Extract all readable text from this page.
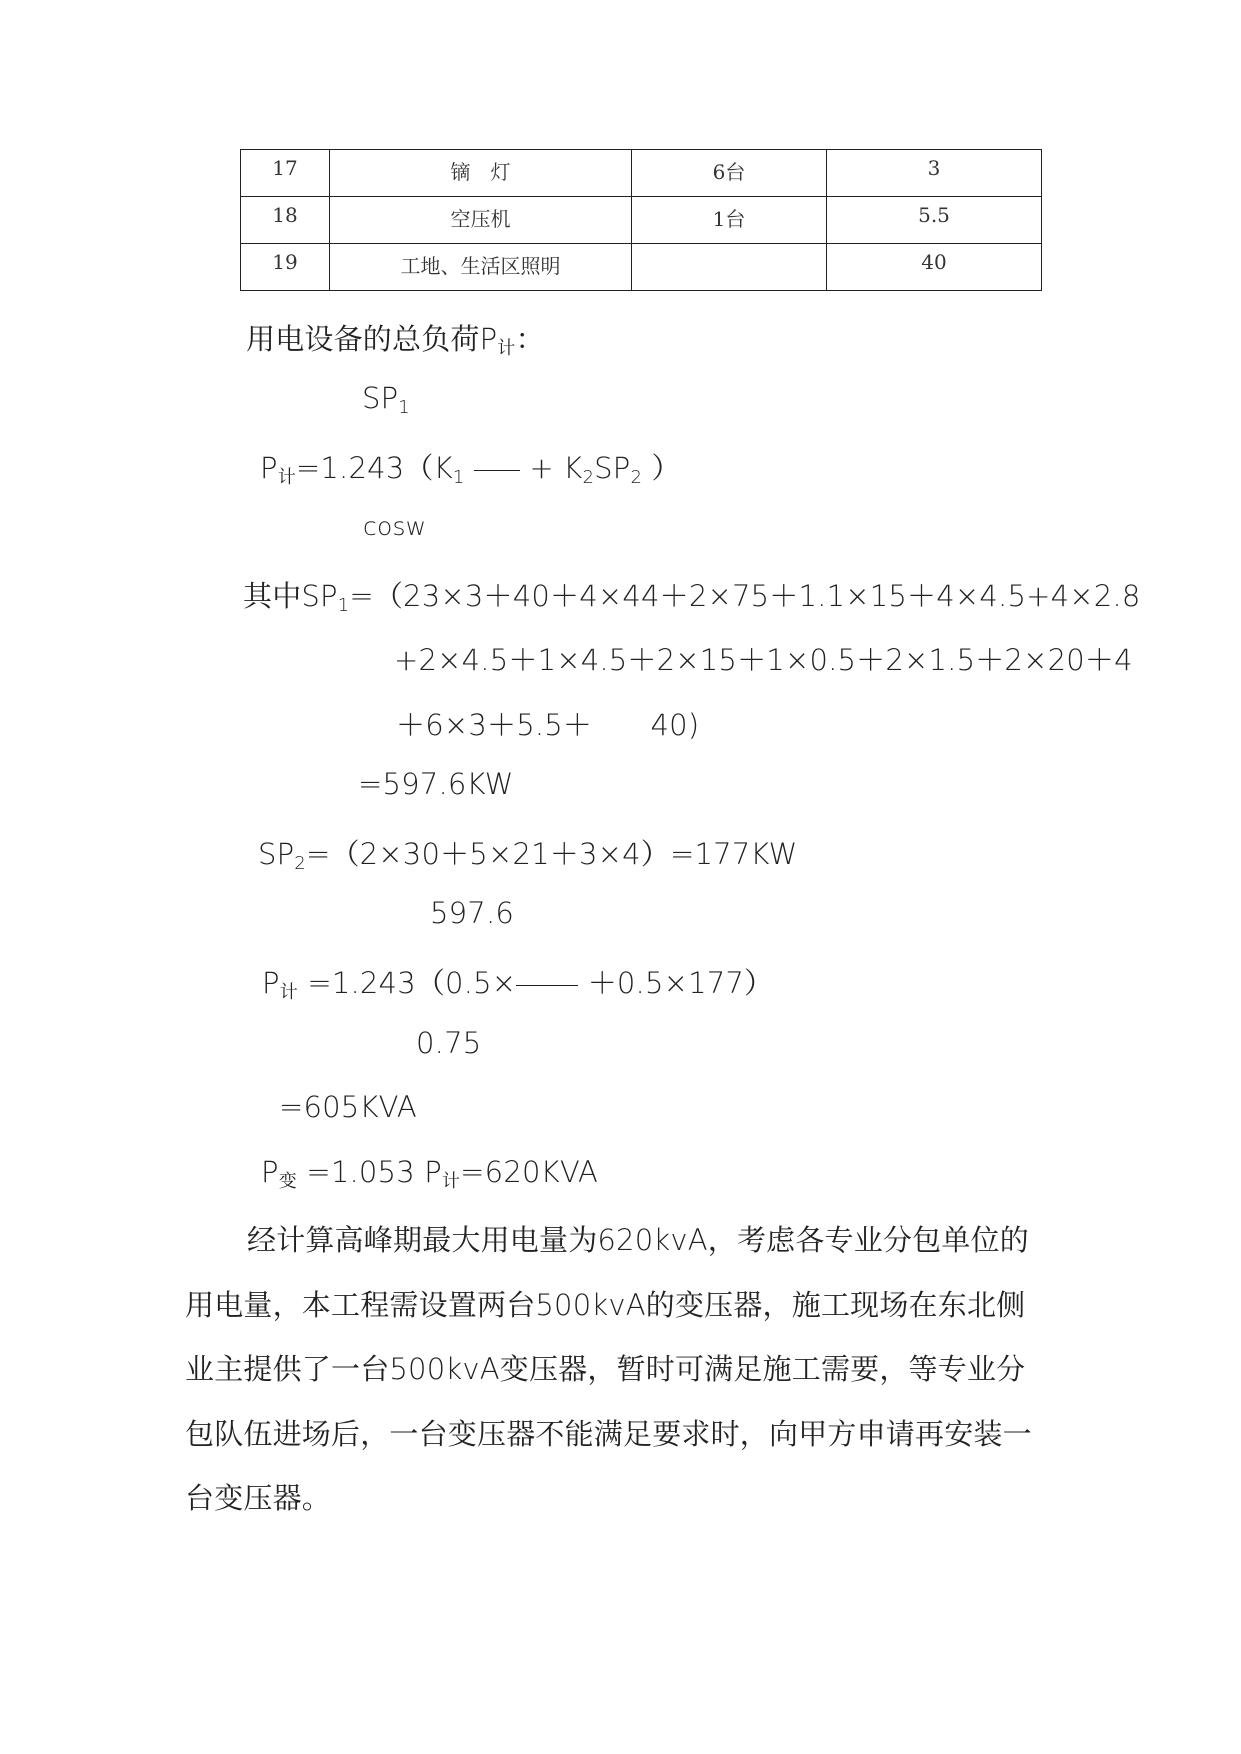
17	镝　灯	6台	3
18	空压机	1台	5.5
19	工地、生活区照明		40
用电设备的总负荷$P_计$：
$SP_1$
$P_计=1.243(K_1 + K_2SP_2$ ）
cosw
其中$SP_1=(23\times 3+40+4\times 44+2\times 75+1.1\times 15+4\times 4.5+4\times 2.8$
+2×4.5＋1×4.5＋2×15＋1×0.5＋2×1.5＋2×20＋4
＋6×3＋5.5＋　　40)
=597.6KW
$SP_2=(2\times 30+5\times 21+3\times 4)=177KW$
597.6
$P_计 =1.243(0.5\times +0.5\times 177)$
0.75
=605KVA
$P_变 =1.053$ $P_计=620KVA$
经计算高峰期最大用电量为620kvA，考虑各专业分包单位的
用电量，本工程需设置两台500kvA的变压器，施工现场在东北侧
业主提供了一台500kvA变压器，暂时可满足施工需要，等专业分
包队伍进场后，一台变压器不能满足要求时，向甲方申请再安装一
台变压器。
